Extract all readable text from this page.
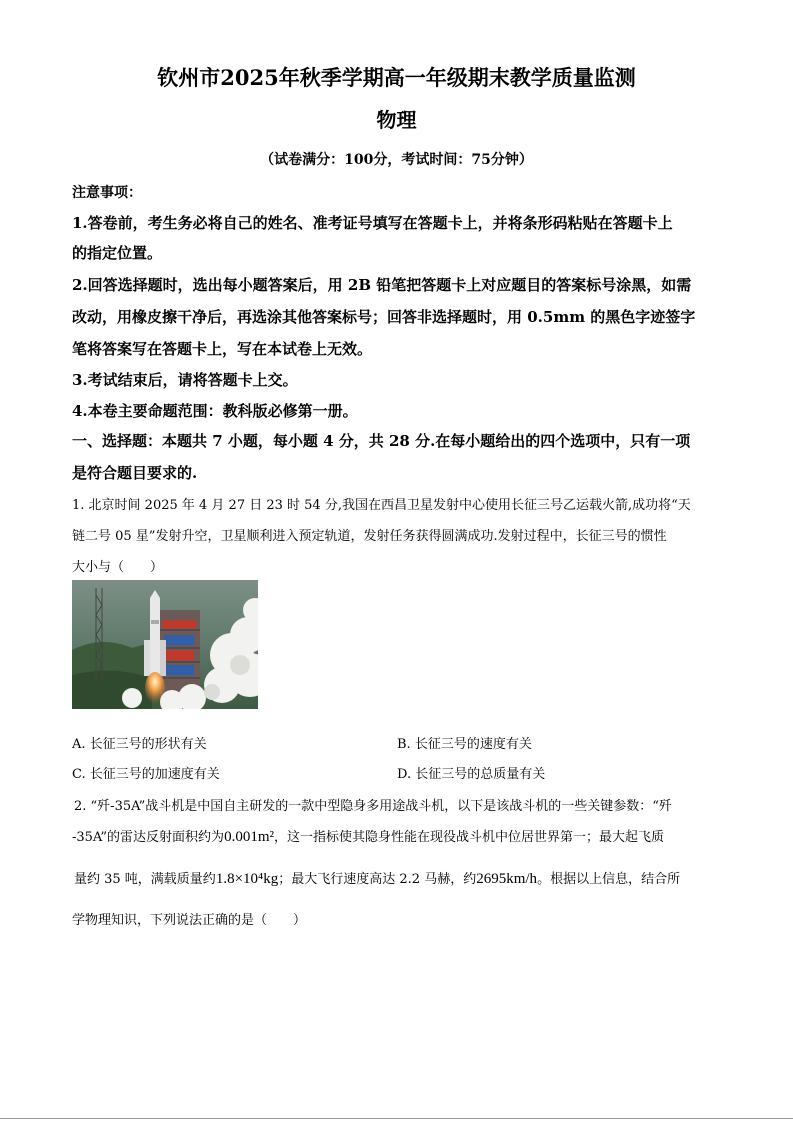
钦州市2025年秋季学期高一年级期末教学质量监测
物理
（试卷满分：100分，考试时间：75分钟）
注意事项：
1.答卷前，考生务必将自己的姓名、准考证号填写在答题卡上，并将条形码粘贴在答题卡上
的指定位置。
2.回答选择题时，选出每小题答案后，用 2B 铅笔把答题卡上对应题目的答案标号涂黑，如需
改动，用橡皮擦干净后，再选涂其他答案标号；回答非选择题时，用 0.5mm 的黑色字迹签字
笔将答案写在答题卡上，写在本试卷上无效。
3.考试结束后，请将答题卡上交。
4.本卷主要命题范围：教科版必修第一册。
一、选择题：本题共 7 小题，每小题 4 分，共 28 分.在每小题给出的四个选项中，只有一项
是符合题目要求的.
1. 北京时间 2025 年 4 月 27 日 23 时 54 分,我国在西昌卫星发射中心使用长征三号乙运载火箭,成功将“天
链二号 05 星”发射升空，卫星顺利进入预定轨道，发射任务获得圆满成功.发射过程中，长征三号的惯性
大小与（　　）
A. 长征三号的形状有关	B. 长征三号的速度有关
C. 长征三号的加速度有关	D. 长征三号的总质量有关
2. “歼-35A”战斗机是中国自主研发的一款中型隐身多用途战斗机，以下是该战斗机的一些关键参数：“歼
-35A”的雷达反射面积约为0.001m²，这一指标使其隐身性能在现役战斗机中位居世界第一；最大起飞质
量约 35 吨，满载质量约1.8×10⁴kg；最大飞行速度高达 2.2 马赫，约2695km/h。根据以上信息，结合所
学物理知识，下列说法正确的是（　　）
